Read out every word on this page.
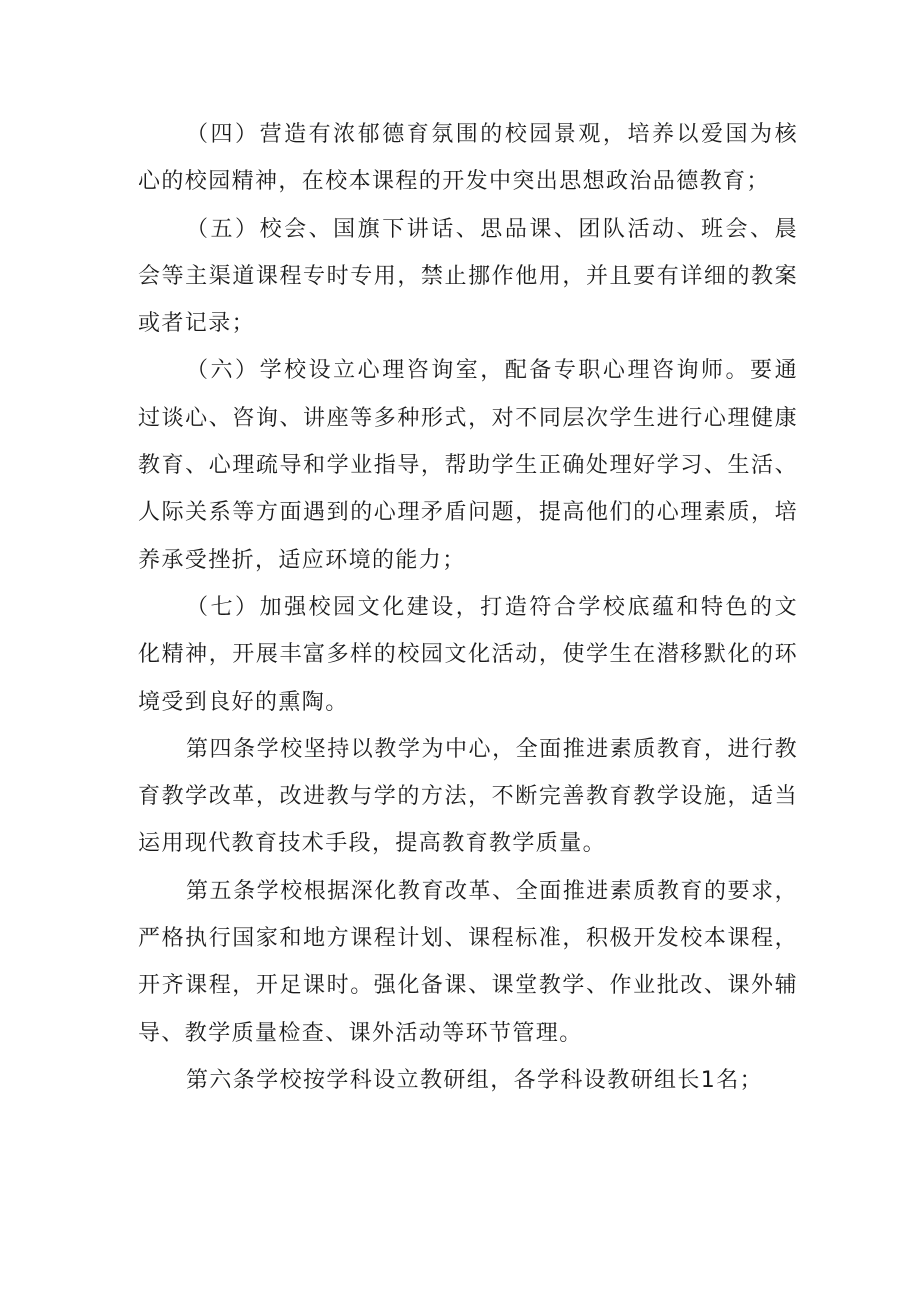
（四）营造有浓郁德育氛围的校园景观，培养以爱国为核
心的校园精神，在校本课程的开发中突出思想政治品德教育；

（五）校会、国旗下讲话、思品课、团队活动、班会、晨
会等主渠道课程专时专用，禁止挪作他用，并且要有详细的教案
或者记录；

（六）学校设立心理咨询室，配备专职心理咨询师。要通
过谈心、咨询、讲座等多种形式，对不同层次学生进行心理健康
教育、心理疏导和学业指导，帮助学生正确处理好学习、生活、
人际关系等方面遇到的心理矛盾问题，提高他们的心理素质，培
养承受挫折，适应环境的能力；

（七）加强校园文化建设，打造符合学校底蕴和特色的文
化精神，开展丰富多样的校园文化活动，使学生在潜移默化的环
境受到良好的熏陶。

第四条学校坚持以教学为中心，全面推进素质教育，进行教
育教学改革，改进教与学的方法，不断完善教育教学设施，适当
运用现代教育技术手段，提高教育教学质量。

第五条学校根据深化教育改革、全面推进素质教育的要求，
严格执行国家和地方课程计划、课程标准，积极开发校本课程，
开齐课程，开足课时。强化备课、课堂教学、作业批改、课外辅
导、教学质量检查、课外活动等环节管理。

第六条学校按学科设立教研组，各学科设教研组长1名；
